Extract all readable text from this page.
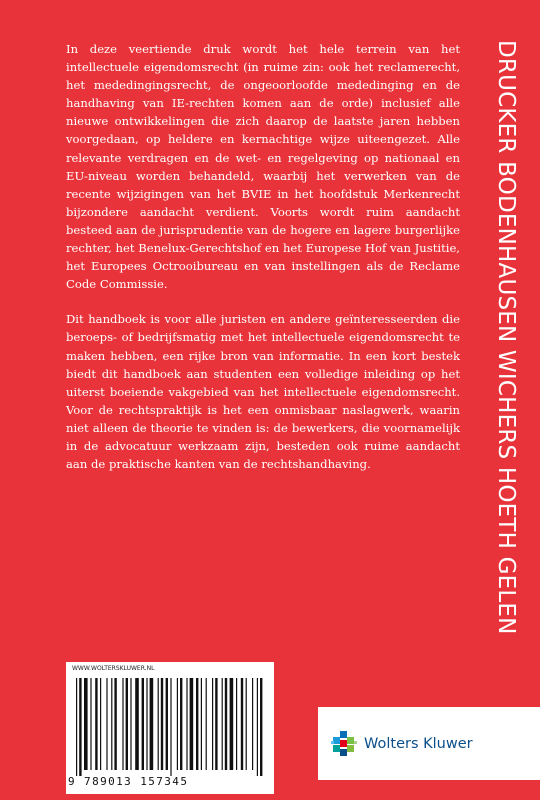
In deze veertiende druk wordt het hele terrein van het intellectuele eigendomsrecht (in ruime zin: ook het reclamerecht, het mededingingsrecht, de ongeoorloofde mededinging en de handhaving van IE-rechten komen aan de orde) inclusief alle nieuwe ontwikkelingen die zich daarop de laatste jaren hebben voorgedaan, op heldere en kernachtige wijze uiteengezet. Alle relevante verdragen en de wet- en regelgeving op nationaal en EU-niveau worden behandeld, waarbij het verwerken van de recente wijzigingen van het BVIE in het hoofdstuk Merkenrecht bijzondere aandacht verdient. Voorts wordt ruim aandacht besteed aan de jurisprudentie van de hogere en lagere burgerlijke rechter, het Benelux-Gerechtshof en het Europese Hof van Justitie, het Europees Octrooibureau en van instellingen als de Reclame Code Commissie.

Dit handboek is voor alle juristen en andere geïnteresseerden die beroeps- of bedrijfsmatig met het intellectuele eigendomsrecht te maken hebben, een rijke bron van informatie. In een kort bestek biedt dit handboek aan studenten een volledige inleiding op het uiterst boeiende vakgebied van het intellectuele eigendomsrecht. Voor de rechtspraktijk is het een onmisbaar naslagwerk, waarin niet alleen de theorie te vinden is: de bewerkers, die voornamelijk in de advocatuur werkzaam zijn, besteden ook ruime aandacht aan de praktische kanten van de rechtshandhaving.	DRUCKER BODENHAUSEN WICHERS HOETH GELEN
WWW.WOLTERSKLUWER.NL
9 789013 157345
Wolters Kluwer
